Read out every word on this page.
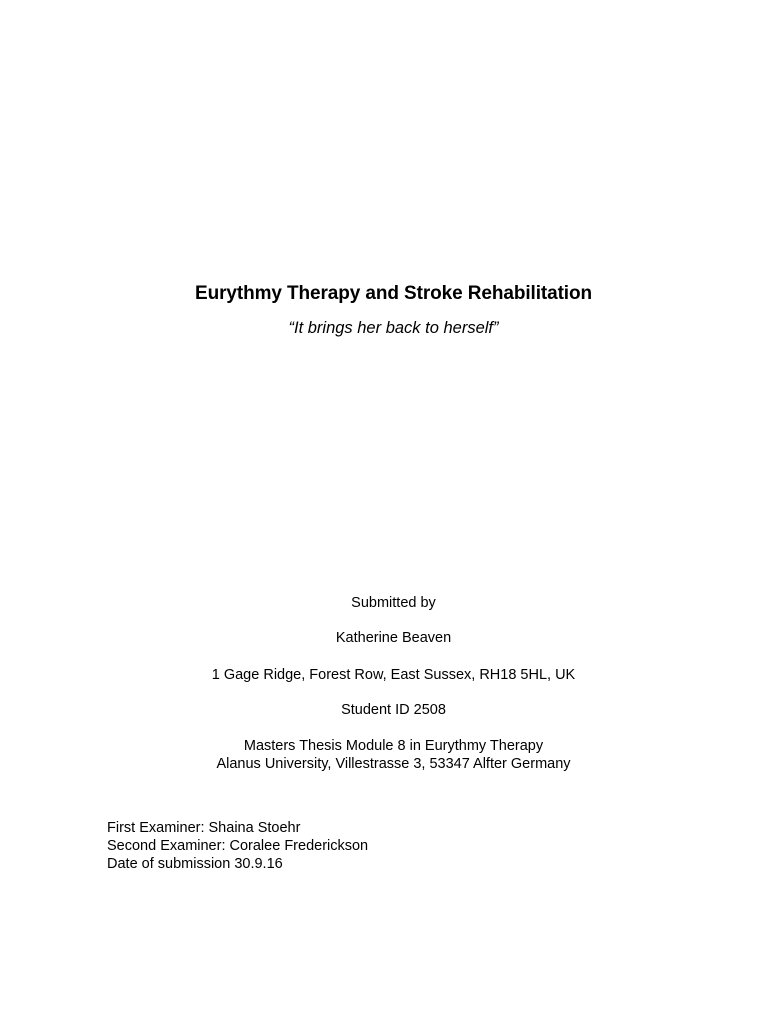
Eurythmy Therapy and Stroke Rehabilitation
“It brings her back to herself”
Submitted by
Katherine Beaven
1 Gage Ridge, Forest Row, East Sussex, RH18 5HL, UK
Student ID 2508
Masters Thesis Module 8 in Eurythmy Therapy
Alanus University, Villestrasse 3, 53347 Alfter Germany
First Examiner: Shaina Stoehr
Second Examiner: Coralee Frederickson
Date of submission 30.9.16
